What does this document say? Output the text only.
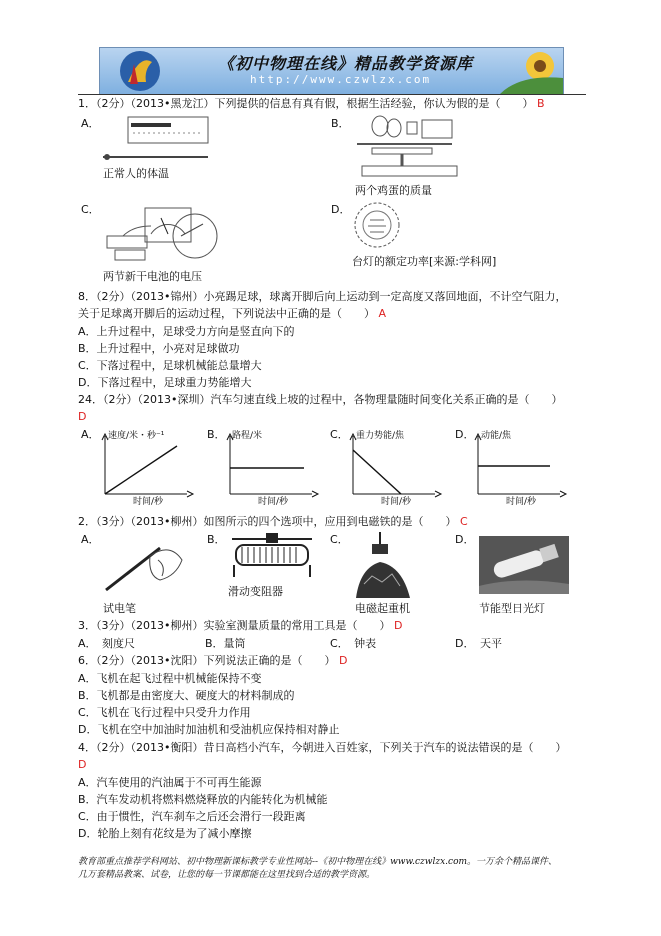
《初中物理在线》精品教学资源库
http://www.czwlzx.com
1．（2分）（2013•黑龙江）下列提供的信息有真有假，根据生活经验，你认为假的是（　　） B
A．
正常人的体温
B．
两个鸡蛋的质量
C．
两节新干电池的电压
D．
台灯的额定功率[来源:学科网]
8．（2分）（2013•锦州）小亮踢足球，球离开脚后向上运动到一定高度又落回地面，不计空气阻力，
关于足球离开脚后的运动过程，下列说法中正确的是（　　） A
A．上升过程中，足球受力方向是竖直向下的
B．上升过程中，小亮对足球做功
C．下落过程中，足球机械能总量增大
D．下落过程中，足球重力势能增大
24．（2分）（2013•深圳）汽车匀速直线上坡的过程中，各物理量随时间变化关系正确的是（　　）
D
A． 速度/米・秒⁻¹
时间/秒
B． 路程/米
时间/秒
C． 重力势能/焦
时间/秒
D． 动能/焦
时间/秒
2．（3分）（2013•柳州）如图所示的四个选项中，应用到电磁铁的是（　　） C
A．
试电笔
B．
滑动变阻器
C．
电磁起重机
D．
节能型日光灯
3．（3分）（2013•柳州）实验室测量质量的常用工具是（　　） D
A．　刻度尺	B．量筒	C．　钟表	D．　天平
6．（2分）（2013•沈阳）下列说法正确的是（　　） D
A．飞机在起飞过程中机械能保持不变
B．飞机都是由密度大、硬度大的材料制成的
C．飞机在飞行过程中只受升力作用
D．飞机在空中加油时加油机和受油机应保持相对静止
4．（2分）（2013•衡阳）昔日高档小汽车，今朝进入百姓家，下列关于汽车的说法错误的是（　　）
D
A．汽车使用的汽油属于不可再生能源
B．汽车发动机将燃料燃烧释放的内能转化为机械能
C．由于惯性，汽车刹车之后还会滑行一段距离
D．轮胎上刻有花纹是为了减小摩擦
教育部重点推荐学科网站、初中物理新课标教学专业性网站--《初中物理在线》www.czwlzx.com。一万余个精品课件、
几万套精品教案、试卷，让您的每一节课都能在这里找到合适的教学资源。
